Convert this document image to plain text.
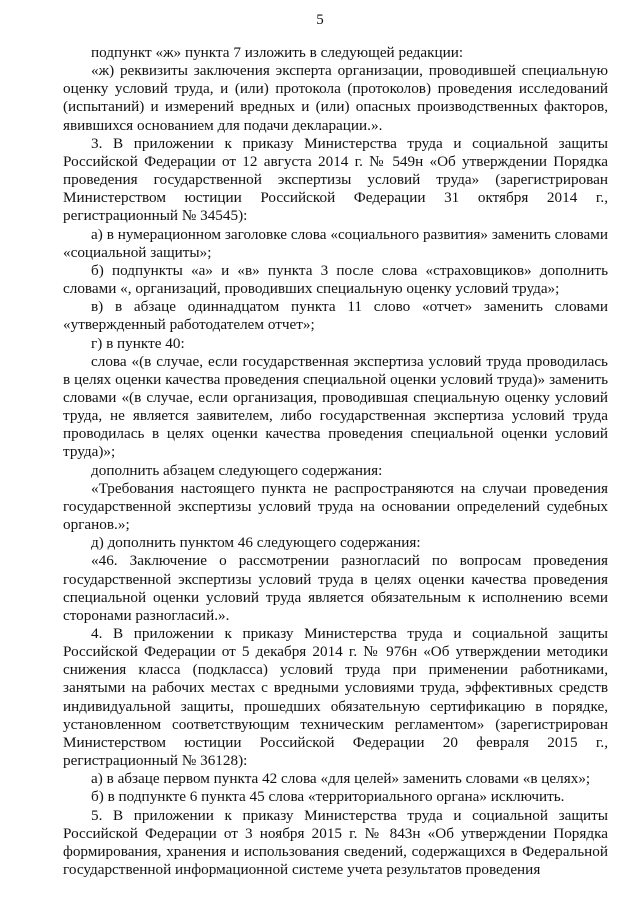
5

подпункт «ж» пункта 7 изложить в следующей редакции:

«ж) реквизиты заключения эксперта организации, проводившей специальную оценку условий труда, и (или) протокола (протоколов) проведения исследований (испытаний) и измерений вредных и (или) опасных производственных факторов, явившихся основанием для подачи декларации.».

3. В приложении к приказу Министерства труда и социальной защиты Российской Федерации от 12 августа 2014 г. № 549н «Об утверждении Порядка проведения государственной экспертизы условий труда» (зарегистрирован Министерством юстиции Российской Федерации 31 октября 2014 г., регистрационный № 34545):

а) в нумерационном заголовке слова «социального развития» заменить словами «социальной защиты»;

б) подпункты «а» и «в» пункта 3 после слова «страховщиков» дополнить словами «, организаций, проводивших специальную оценку условий труда»;

в) в абзаце одиннадцатом пункта 11 слово «отчет» заменить словами «утвержденный работодателем отчет»;

г) в пункте 40:

слова «(в случае, если государственная экспертиза условий труда проводилась в целях оценки качества проведения специальной оценки условий труда)» заменить словами «(в случае, если организация, проводившая специальную оценку условий труда, не является заявителем, либо государственная экспертиза условий труда проводилась в целях оценки качества проведения специальной оценки условий труда)»;

дополнить абзацем следующего содержания:

«Требования настоящего пункта не распространяются на случаи проведения государственной экспертизы условий труда на основании определений судебных органов.»;

д) дополнить пунктом 46 следующего содержания:

«46. Заключение о рассмотрении разногласий по вопросам проведения государственной экспертизы условий труда в целях оценки качества проведения специальной оценки условий труда является обязательным к исполнению всеми сторонами разногласий.».

4. В приложении к приказу Министерства труда и социальной защиты Российской Федерации от 5 декабря 2014 г. № 976н «Об утверждении методики снижения класса (подкласса) условий труда при применении работниками, занятыми на рабочих местах с вредными условиями труда, эффективных средств индивидуальной защиты, прошедших обязательную сертификацию в порядке, установленном соответствующим техническим регламентом» (зарегистрирован Министерством юстиции Российской Федерации 20 февраля 2015 г., регистрационный № 36128):

а) в абзаце первом пункта 42 слова «для целей» заменить словами «в целях»;

б) в подпункте 6 пункта 45 слова «территориального органа» исключить.

5. В приложении к приказу Министерства труда и социальной защиты Российской Федерации от 3 ноября 2015 г. № 843н «Об утверждении Порядка формирования, хранения и использования сведений, содержащихся в Федеральной государственной информационной системе учета результатов проведения
